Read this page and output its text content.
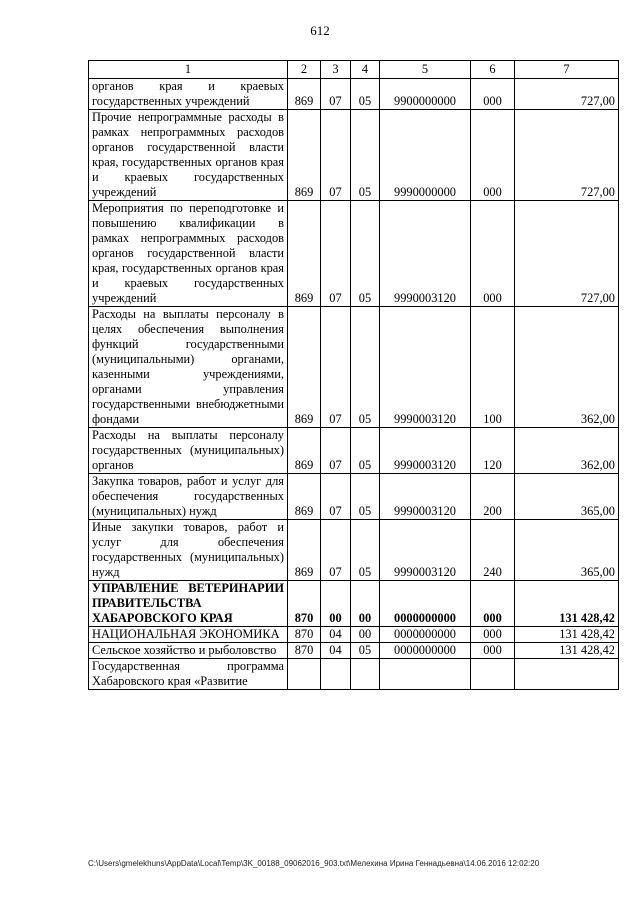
612
1	2	3	4	5	6	7
органов края и краевых государственных учреждений	869	07	05	9900000000	000	727,00
Прочие непрограммные расходы в рамках непрограммных расходов органов государственной власти края, государственных органов края и краевых государственных учреждений	869	07	05	9990000000	000	727,00
Мероприятия по переподготовке и повышению квалификации в рамках непрограммных расходов органов государственной власти края, государственных органов края и краевых государственных учреждений	869	07	05	9990003120	000	727,00
Расходы на выплаты персоналу в целях обеспечения выполнения функций государственными (муниципальными) органами, казенными учреждениями, органами управления государственными внебюджетными фондами	869	07	05	9990003120	100	362,00
Расходы на выплаты персоналу государственных (муниципальных) органов	869	07	05	9990003120	120	362,00
Закупка товаров, работ и услуг для обеспечения государственных (муниципальных) нужд	869	07	05	9990003120	200	365,00
Иные закупки товаров, работ и услуг для обеспечения государственных (муниципальных) нужд	869	07	05	9990003120	240	365,00
УПРАВЛЕНИЕ ВЕТЕРИНАРИИ ПРАВИТЕЛЬСТВА ХАБАРОВСКОГО КРАЯ	870	00	00	0000000000	000	131 428,42
НАЦИОНАЛЬНАЯ ЭКОНОМИКА	870	04	00	0000000000	000	131 428,42
Сельское хозяйство и рыболовство	870	04	05	0000000000	000	131 428,42
Государственная программа Хабаровского края «Развитие						
C:\Users\gmelekhuns\AppData\Local\Temp\3K_00188_09062016_903.txt\Мелехина Ирина Геннадьевна\14.06.2016 12:02:20
